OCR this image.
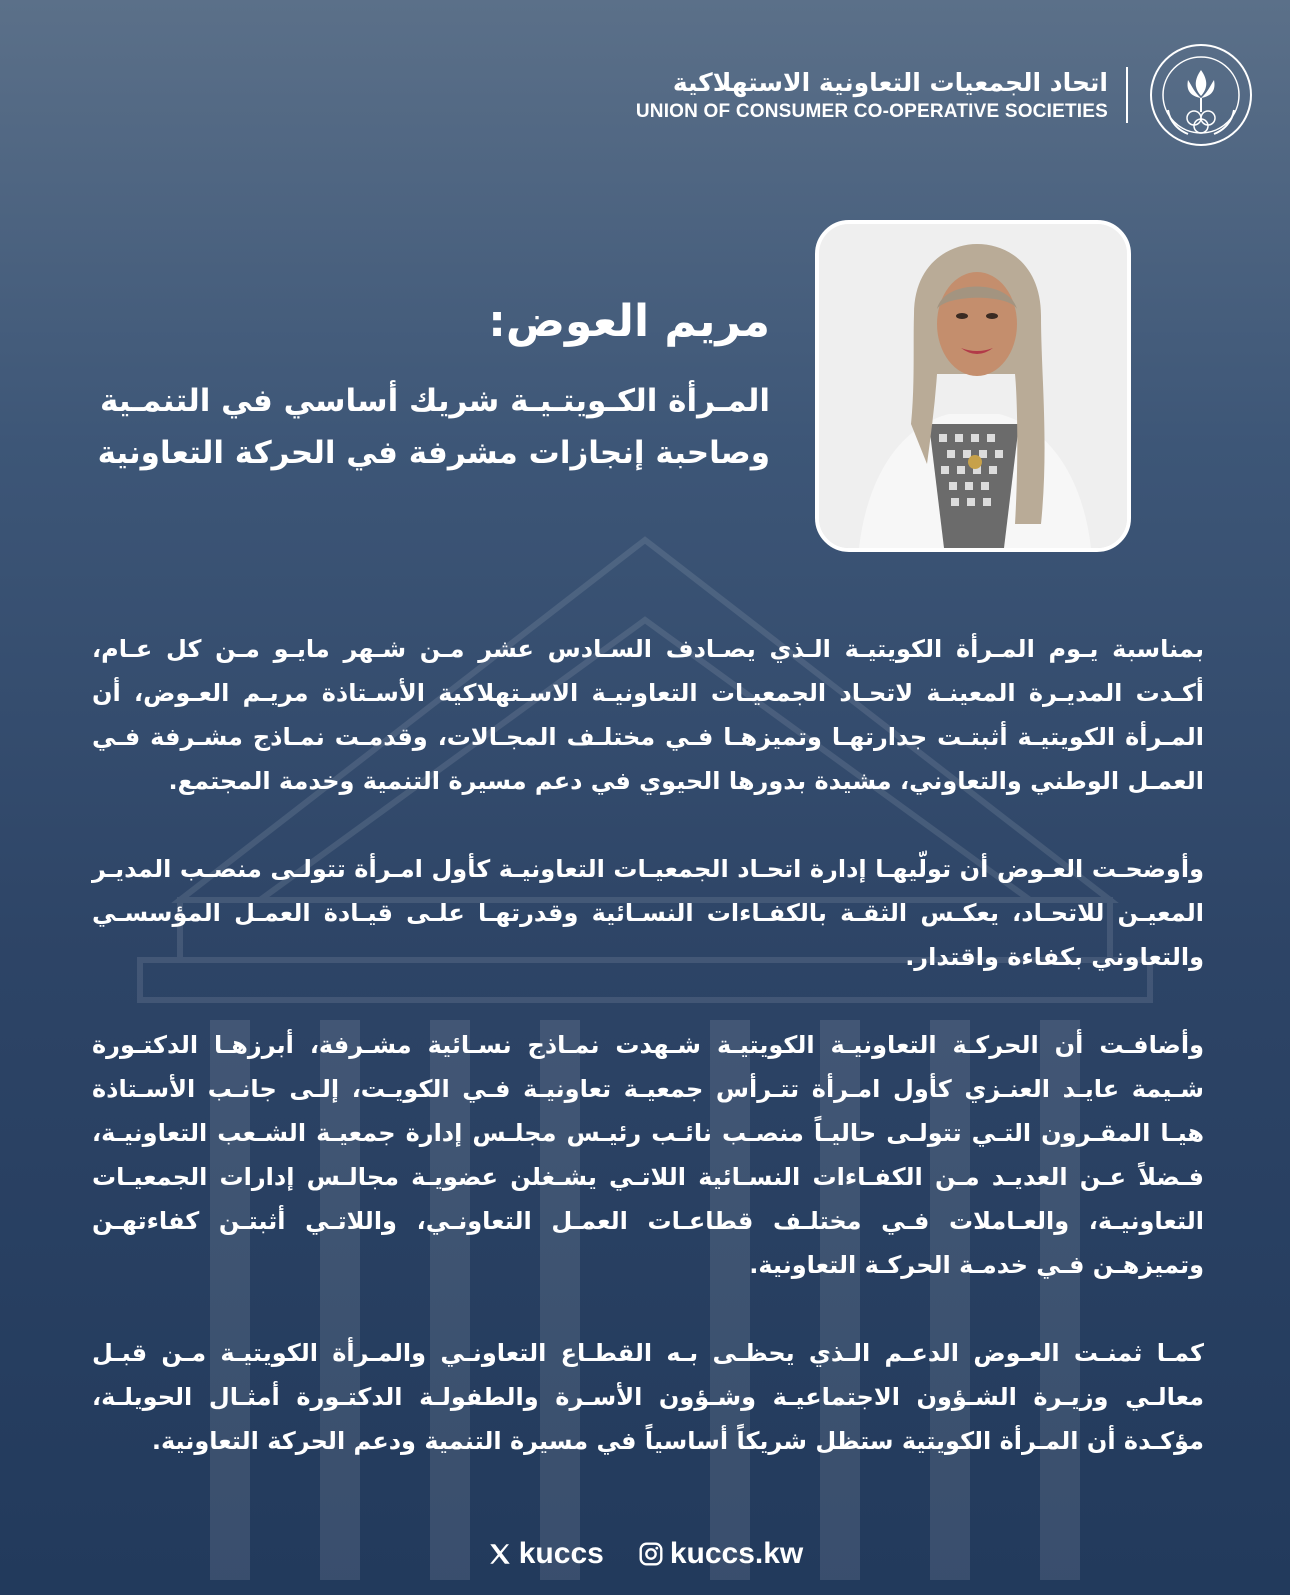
اتحاد الجمعيات التعاونية الاستهلاكية
UNION OF CONSUMER CO-OPERATIVE SOCIETIES
مريم العوض:
المـرأة الكـويتـيـة شريك أساسي في التنمـية
وصاحبة إنجازات مشرفة في الحركة التعاونية

بمناسبة يـوم المـرأة الكويتيـة الـذي يصـادف السـادس عشر مـن شـهر مايـو مـن كل عـام، أكـدت المديـرة المعينـة لاتحـاد الجمعيـات التعاونيـة الاسـتهلاكية الأسـتاذة مريـم العـوض، أن المـرأة الكويتيـة أثبتـت جدارتهـا وتميزهـا فـي مختلـف المجـالات، وقدمـت نمـاذج مشـرفة فـي العمـل الوطني والتعاوني، مشيدة بدورها الحيوي في دعم مسيرة التنمية وخدمة المجتمع.

وأوضحـت العـوض أن تولّيهـا إدارة اتحـاد الجمعيـات التعاونيـة كأول امـرأة تتولـى منصـب المديـر المعيـن للاتحـاد، يعكـس الثقـة بالكفـاءات النسـائية وقدرتهـا علـى قيـادة العمـل المؤسسـي والتعاوني بكفاءة واقتدار.

وأضافـت أن الحركـة التعاونيـة الكويتيـة شـهدت نمـاذج نسـائية مشـرفة، أبرزهـا الدكتـورة شـيمة عايـد العنـزي كأول امـرأة تتـرأس جمعيـة تعاونيـة فـي الكويـت، إلـى جانـب الأسـتاذة هيـا المقـرون التـي تتولـى حاليـاً منصـب نائـب رئيـس مجلـس إدارة جمعيـة الشـعب التعاونيـة، فـضلاً عـن العديـد مـن الكفـاءات النسـائية اللاتـي يشـغلن عضويـة مجالـس إدارات الجمعيـات التعاونيـة، والعـاملات فـي مختلـف قطاعـات العمـل التعاونـي، واللاتـي أثبتـن كفاءتهـن وتميزهـن فـي خدمـة الحركـة التعاونية.

كمـا ثمنـت العـوض الدعـم الـذي يحظـى بـه القطـاع التعاونـي والمـرأة الكويتيـة مـن قبـل معالـي وزيـرة الشـؤون الاجتماعيـة وشـؤون الأسـرة والطفولـة الدكتـورة أمثـال الحويلـة، مؤكـدة أن المـرأة الكويتية ستظل شريكاً أساسياً في مسيرة التنمية ودعم الحركة التعاونية.

kuccs kuccs.kw
